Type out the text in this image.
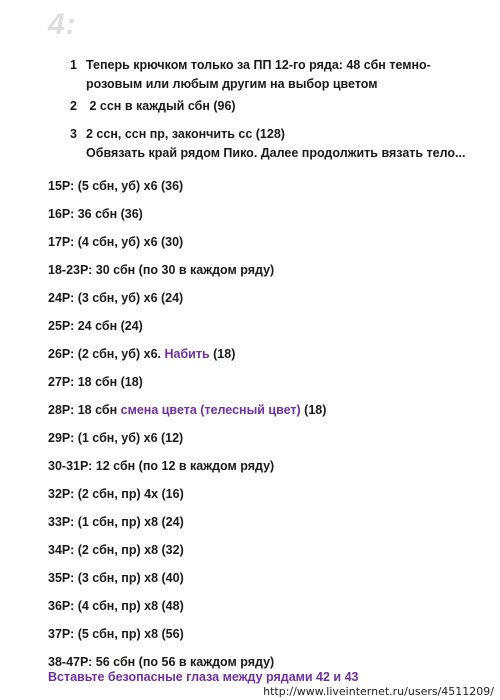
4:
1 Теперь крючком только за ПП 12-го ряда: 48 сбн темно-
розовым или любым другим на выбор цветом
2 2 ссн в каждый сбн (96)
3 2 ссн, ссн пр, закончить сс (128)
Обвязать край рядом Пико. Далее продолжить вязать тело...
15Р: (5 сбн, уб) х6 (36)
16Р: 36 сбн (36)
17Р: (4 сбн, уб) х6 (30)
18-23Р: 30 сбн (по 30 в каждом ряду)
24Р: (3 сбн, уб) х6 (24)
25Р: 24 сбн (24)
26Р: (2 сбн, уб) х6. Набить (18)
27Р: 18 сбн (18)
28Р: 18 сбн смена цвета (телесный цвет) (18)
29Р: (1 сбн, уб) х6 (12)
30-31Р: 12 сбн (по 12 в каждом ряду)
32Р: (2 сбн, пр) 4х (16)
33Р: (1 сбн, пр) х8 (24)
34Р: (2 сбн, пр) х8 (32)
35Р: (3 сбн, пр) х8 (40)
36Р: (4 сбн, пр) х8 (48)
37Р: (5 сбн, пр) х8 (56)
38-47Р: 56 сбн (по 56 в каждом ряду)
Вставьте безопасные глаза между рядами 42 и 43
http://www.liveinternet.ru/users/4511209/
